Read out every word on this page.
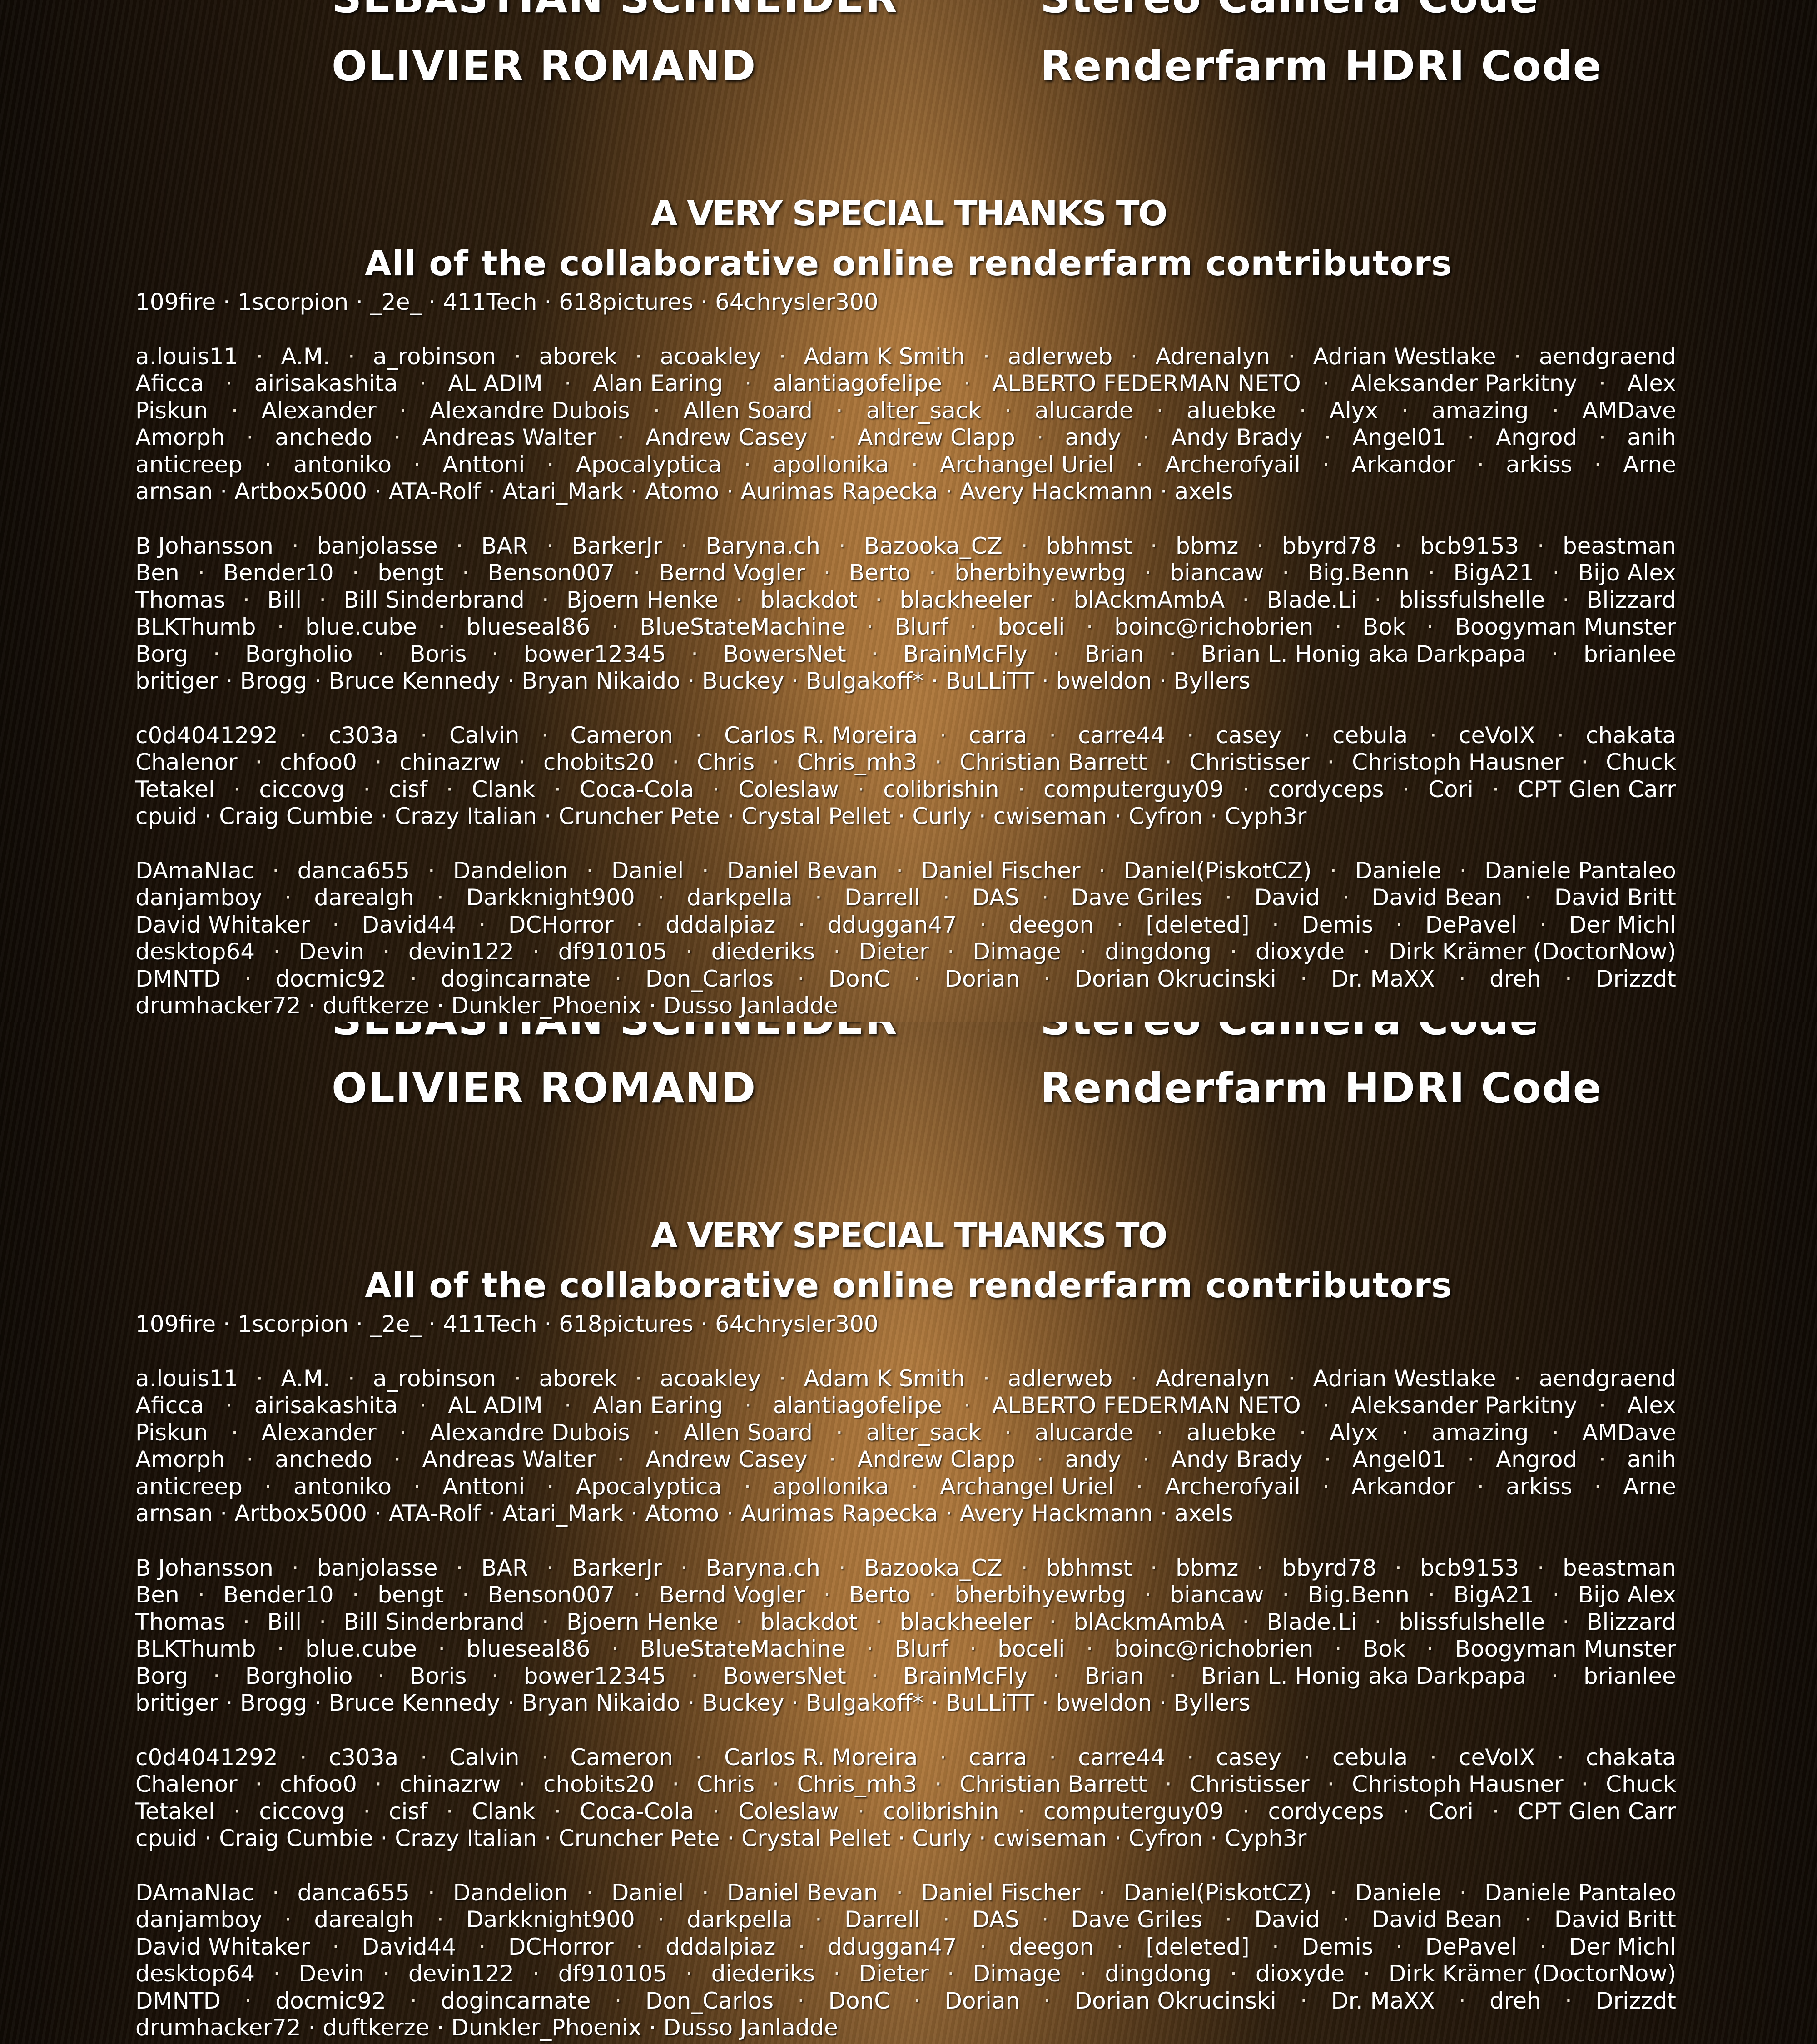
OLIVIER ROMAND	Renderfarm HDRI Code
A VERY SPECIAL THANKS TO
All of the collaborative online renderfarm contributors
109fire · 1scorpion · _2e_ · 411Tech · 618pictures · 64chrysler300
a.louis11 · A.M. · a_robinson · aborek · acoakley · Adam K Smith · adlerweb · Adrenalyn · Adrian Westlake · aendgraend
Aficca · airisakashita · AL ADIM · Alan Earing · alantiagofelipe · ALBERTO FEDERMAN NETO · Aleksander Parkitny · Alex
Piskun · Alexander · Alexandre Dubois · Allen Soard · alter_sack · alucarde · aluebke · Alyx · amazing · AMDave
Amorph · anchedo · Andreas Walter · Andrew Casey · Andrew Clapp · andy · Andy Brady · Angel01 · Angrod · anih
anticreep · antoniko · Anttoni · Apocalyptica · apollonika · Archangel Uriel · Archerofyail · Arkandor · arkiss · Arne
arnsan · Artbox5000 · ATA-Rolf · Atari_Mark · Atomo · Aurimas Rapecka · Avery Hackmann · axels
B Johansson · banjolasse · BAR · BarkerJr · Baryna.ch · Bazooka_CZ · bbhmst · bbmz · bbyrd78 · bcb9153 · beastman
Ben · Bender10 · bengt · Benson007 · Bernd Vogler · Berto · bherbihyewrbg · biancaw · Big.Benn · BigA21 · Bijo Alex
Thomas · Bill · Bill Sinderbrand · Bjoern Henke · blackdot · blackheeler · blAckmAmbA · Blade.Li · blissfulshelle · Blizzard
BLKThumb · blue.cube · blueseal86 · BlueStateMachine · Blurf · boceli · boinc@richobrien · Bok · Boogyman Munster
Borg · Borgholio · Boris · bower12345 · BowersNet · BrainMcFly · Brian · Brian L. Honig aka Darkpapa · brianlee
britiger · Brogg · Bruce Kennedy · Bryan Nikaido · Buckey · Bulgakoff* · BuLLiTT · bweldon · Byllers
c0d4041292 · c303a · Calvin · Cameron · Carlos R. Moreira · carra · carre44 · casey · cebula · ceVoIX · chakata
Chalenor · chfoo0 · chinazrw · chobits20 · Chris · Chris_mh3 · Christian Barrett · Christisser · Christoph Hausner · Chuck
Tetakel · ciccovg · cisf · Clank · Coca-Cola · Coleslaw · colibrishin · computerguy09 · cordyceps · Cori · CPT Glen Carr
cpuid · Craig Cumbie · Crazy Italian · Cruncher Pete · Crystal Pellet · Curly · cwiseman · Cyfron · Cyph3r
DAmaNIac · danca655 · Dandelion · Daniel · Daniel Bevan · Daniel Fischer · Daniel(PiskotCZ) · Daniele · Daniele Pantaleo
danjamboy · darealgh · Darkknight900 · darkpella · Darrell · DAS · Dave Griles · David · David Bean · David Britt
David Whitaker · David44 · DCHorror · dddalpiaz · dduggan47 · deegon · [deleted] · Demis · DePavel · Der Michl
desktop64 · Devin · devin122 · df910105 · diederiks · Dieter · Dimage · dingdong · dioxyde · Dirk Krämer (DoctorNow)
DMNTD · docmic92 · dogincarnate · Don_Carlos · DonC · Dorian · Dorian Okrucinski · Dr. MaXX · dreh · Drizzdt
drumhacker72 · duftkerze · Dunkler_Phoenix · Dusso Janladde
OLIVIER ROMAND	Renderfarm HDRI Code
A VERY SPECIAL THANKS TO
All of the collaborative online renderfarm contributors
109fire · 1scorpion · _2e_ · 411Tech · 618pictures · 64chrysler300
a.louis11 · A.M. · a_robinson · aborek · acoakley · Adam K Smith · adlerweb · Adrenalyn · Adrian Westlake · aendgraend
Aficca · airisakashita · AL ADIM · Alan Earing · alantiagofelipe · ALBERTO FEDERMAN NETO · Aleksander Parkitny · Alex
Piskun · Alexander · Alexandre Dubois · Allen Soard · alter_sack · alucarde · aluebke · Alyx · amazing · AMDave
Amorph · anchedo · Andreas Walter · Andrew Casey · Andrew Clapp · andy · Andy Brady · Angel01 · Angrod · anih
anticreep · antoniko · Anttoni · Apocalyptica · apollonika · Archangel Uriel · Archerofyail · Arkandor · arkiss · Arne
arnsan · Artbox5000 · ATA-Rolf · Atari_Mark · Atomo · Aurimas Rapecka · Avery Hackmann · axels
B Johansson · banjolasse · BAR · BarkerJr · Baryna.ch · Bazooka_CZ · bbhmst · bbmz · bbyrd78 · bcb9153 · beastman
Ben · Bender10 · bengt · Benson007 · Bernd Vogler · Berto · bherbihyewrbg · biancaw · Big.Benn · BigA21 · Bijo Alex
Thomas · Bill · Bill Sinderbrand · Bjoern Henke · blackdot · blackheeler · blAckmAmbA · Blade.Li · blissfulshelle · Blizzard
BLKThumb · blue.cube · blueseal86 · BlueStateMachine · Blurf · boceli · boinc@richobrien · Bok · Boogyman Munster
Borg · Borgholio · Boris · bower12345 · BowersNet · BrainMcFly · Brian · Brian L. Honig aka Darkpapa · brianlee
britiger · Brogg · Bruce Kennedy · Bryan Nikaido · Buckey · Bulgakoff* · BuLLiTT · bweldon · Byllers
c0d4041292 · c303a · Calvin · Cameron · Carlos R. Moreira · carra · carre44 · casey · cebula · ceVoIX · chakata
Chalenor · chfoo0 · chinazrw · chobits20 · Chris · Chris_mh3 · Christian Barrett · Christisser · Christoph Hausner · Chuck
Tetakel · ciccovg · cisf · Clank · Coca-Cola · Coleslaw · colibrishin · computerguy09 · cordyceps · Cori · CPT Glen Carr
cpuid · Craig Cumbie · Crazy Italian · Cruncher Pete · Crystal Pellet · Curly · cwiseman · Cyfron · Cyph3r
DAmaNIac · danca655 · Dandelion · Daniel · Daniel Bevan · Daniel Fischer · Daniel(PiskotCZ) · Daniele · Daniele Pantaleo
danjamboy · darealgh · Darkknight900 · darkpella · Darrell · DAS · Dave Griles · David · David Bean · David Britt
David Whitaker · David44 · DCHorror · dddalpiaz · dduggan47 · deegon · [deleted] · Demis · DePavel · Der Michl
desktop64 · Devin · devin122 · df910105 · diederiks · Dieter · Dimage · dingdong · dioxyde · Dirk Krämer (DoctorNow)
DMNTD · docmic92 · dogincarnate · Don_Carlos · DonC · Dorian · Dorian Okrucinski · Dr. MaXX · dreh · Drizzdt
drumhacker72 · duftkerze · Dunkler_Phoenix · Dusso Janladde
